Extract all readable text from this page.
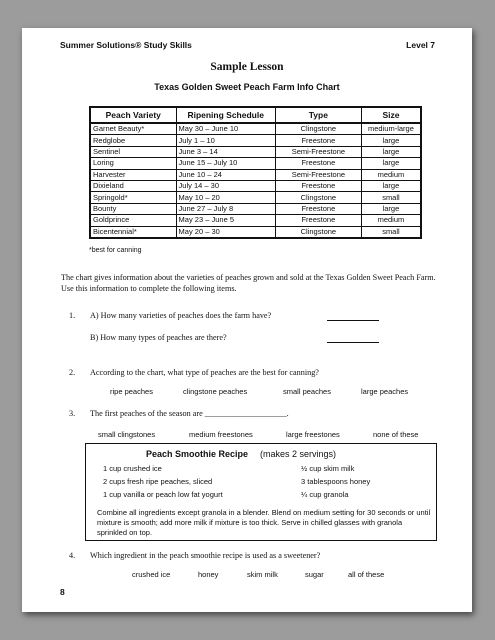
Summer Solutions® Study Skills	Level 7
Sample Lesson
Texas Golden Sweet Peach Farm Info Chart
Peach Variety	Ripening Schedule	Type	Size
Garnet Beauty*	May 30 – June 10	Clingstone	medium-large
Redglobe	July 1 – 10	Freestone	large
Sentinel	June 3 – 14	Semi-Freestone	large
Loring	June 15 – July 10	Freestone	large
Harvester	June 10 – 24	Semi-Freestone	medium
Dixieland	July 14 – 30	Freestone	large
Springold*	May 10 – 20	Clingstone	small
Bounty	June 27 – July 8	Freestone	large
Goldprince	May 23 – June 5	Freestone	medium
Bicentennial*	May 20 – 30	Clingstone	small
*best for canning
The chart gives information about the varieties of peaches grown and sold at the Texas Golden Sweet Peach Farm. Use this information to complete the following items.
1. A) How many varieties of peaches does the farm have?
B) How many types of peaches are there?
2. According to the chart, what type of peaches are the best for canning?
ripe peaches	clingstone peaches	small peaches	large peaches
3. The first peaches of the season are ____________________.
small clingstones	medium freestones	large freestones	none of these
Peach Smoothie Recipe (makes 2 servings)
1 cup crushed ice
2 cups fresh ripe peaches, sliced
1 cup vanilla or peach low fat yogurt
½ cup skim milk
3 tablespoons honey
¼ cup granola
Combine all ingredients except granola in a blender. Blend on medium setting for 30 seconds or until mixture is smooth; add more milk if mixture is too thick. Serve in chilled glasses with granola sprinkled on top.
4. Which ingredient in the peach smoothie recipe is used as a sweetener?
crushed ice	honey	skim milk	sugar	all of these
8
